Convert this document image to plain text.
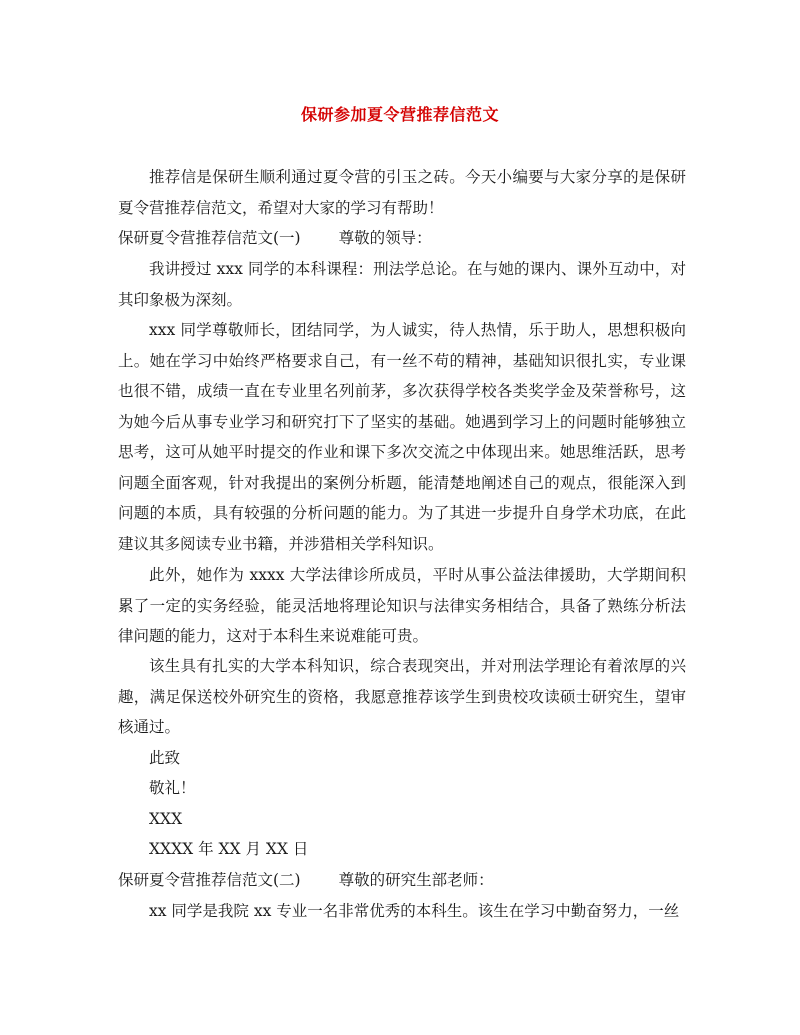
保研参加夏令营推荐信范文
推荐信是保研生顺利通过夏令营的引玉之砖。今天小编要与大家分享的是保研夏令营推荐信范文，希望对大家的学习有帮助！
保研夏令营推荐信范文(一) 尊敬的领导：
我讲授过 xxx 同学的本科课程：刑法学总论。在与她的课内、课外互动中，对其印象极为深刻。
xxx 同学尊敬师长，团结同学，为人诚实，待人热情，乐于助人，思想积极向上。她在学习中始终严格要求自己，有一丝不苟的精神，基础知识很扎实，专业课也很不错，成绩一直在专业里名列前茅，多次获得学校各类奖学金及荣誉称号，这为她今后从事专业学习和研究打下了坚实的基础。她遇到学习上的问题时能够独立思考，这可从她平时提交的作业和课下多次交流之中体现出来。她思维活跃，思考问题全面客观，针对我提出的案例分析题，能清楚地阐述自己的观点，很能深入到问题的本质，具有较强的分析问题的能力。为了其进一步提升自身学术功底，在此建议其多阅读专业书籍，并涉猎相关学科知识。
此外，她作为 xxxx 大学法律诊所成员，平时从事公益法律援助，大学期间积累了一定的实务经验，能灵活地将理论知识与法律实务相结合，具备了熟练分析法律问题的能力，这对于本科生来说难能可贵。
该生具有扎实的大学本科知识，综合表现突出，并对刑法学理论有着浓厚的兴趣，满足保送校外研究生的资格，我愿意推荐该学生到贵校攻读硕士研究生，望审核通过。
此致
敬礼！
XXX
XXXX 年 XX 月 XX 日
保研夏令营推荐信范文(二) 尊敬的研究生部老师：
xx 同学是我院 xx 专业一名非常优秀的本科生。该生在学习中勤奋努力，一丝
